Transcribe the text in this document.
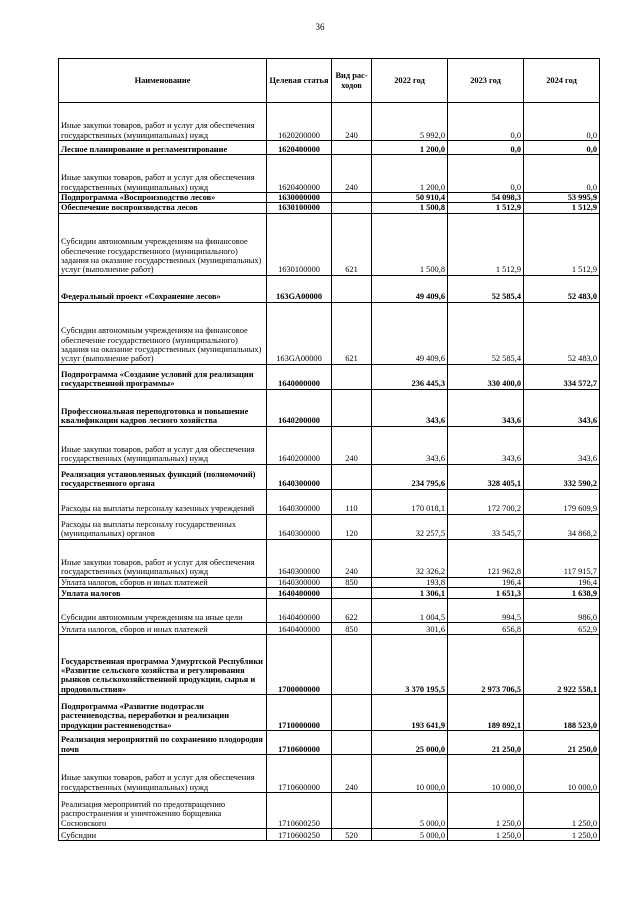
36
Наименование	Целевая статья	Вид рас-ходов	2022 год	2023 год	2024 год
Иные закупки товаров, работ и услуг для обеспечения государственных (муниципальных) нужд	1620200000	240	5 992,0	0,0	0,0
Лесное планирование и регламентирование	1620400000		1 200,0	0,0	0,0
Иные закупки товаров, работ и услуг для обеспечения государственных (муниципальных) нужд	1620400000	240	1 200,0	0,0	0,0
Подпрограмма «Воспроизводство лесов»	1630000000		50 910,4	54 098,3	53 995,9
Обеспечение воспроизводства лесов	1630100000		1 500,8	1 512,9	1 512,9
Субсидии автономным учреждениям на финансовое обеспечение государственного (муниципального) задания на оказание государственных (муниципальных) услуг (выполнение работ)	1630100000	621	1 500,8	1 512,9	1 512,9
Федеральный проект «Сохранение лесов»	163GA00000		49 409,6	52 585,4	52 483,0
Субсидии автономным учреждениям на финансовое обеспечение государственного (муниципального) задания на оказание государственных (муниципальных) услуг (выполнение работ)	163GA00000	621	49 409,6	52 585,4	52 483,0
Подпрограмма «Создание условий для реализации государственной программы»	1640000000		236 445,3	330 400,0	334 572,7
Профессиональная переподготовка и повышение квалификации кадров лесного хозяйства	1640200000		343,6	343,6	343,6
Иные закупки товаров, работ и услуг для обеспечения государственных (муниципальных) нужд	1640200000	240	343,6	343,6	343,6
Реализация установленных функций (полномочий) государственного органа	1640300000		234 795,6	328 405,1	332 590,2
Расходы на выплаты персоналу казенных учреждений	1640300000	110	170 018,1	172 700,2	179 609,9
Расходы на выплаты персоналу государственных (муниципальных) органов	1640300000	120	32 257,5	33 545,7	34 868,2
Иные закупки товаров, работ и услуг для обеспечения государственных (муниципальных) нужд	1640300000	240	32 326,2	121 962,8	117 915,7
Уплата налогов, сборов и иных платежей	1640300000	850	193,8	196,4	196,4
Уплата налогов	1640400000		1 306,1	1 651,3	1 638,9
Субсидии автономным учреждениям на иные цели	1640400000	622	1 004,5	994,5	986,0
Уплата налогов, сборов и иных платежей	1640400000	850	301,6	656,8	652,9
Государственная программа Удмуртской Республики «Развитие сельского хозяйства и регулирования рынков сельскохозяйственной продукции, сырья и продовольствия»	1700000000		3 370 195,5	2 973 706,5	2 922 558,1
Подпрограмма «Развитие подотрасли растениеводства, переработки и реализации продукции растениеводства»	1710000000		193 641,9	189 892,1	188 523,0
Реализация мероприятий по сохранению плодородия почв	1710600000		25 000,0	21 250,0	21 250,0
Иные закупки товаров, работ и услуг для обеспечения государственных (муниципальных) нужд	1710600000	240	10 000,0	10 000,0	10 000,0
Реализация мероприятий по предотвращению распространения и уничтожению борщевика Сосновского	1710600250		5 000,0	1 250,0	1 250,0
Субсидии	1710600250	520	5 000,0	1 250,0	1 250,0
